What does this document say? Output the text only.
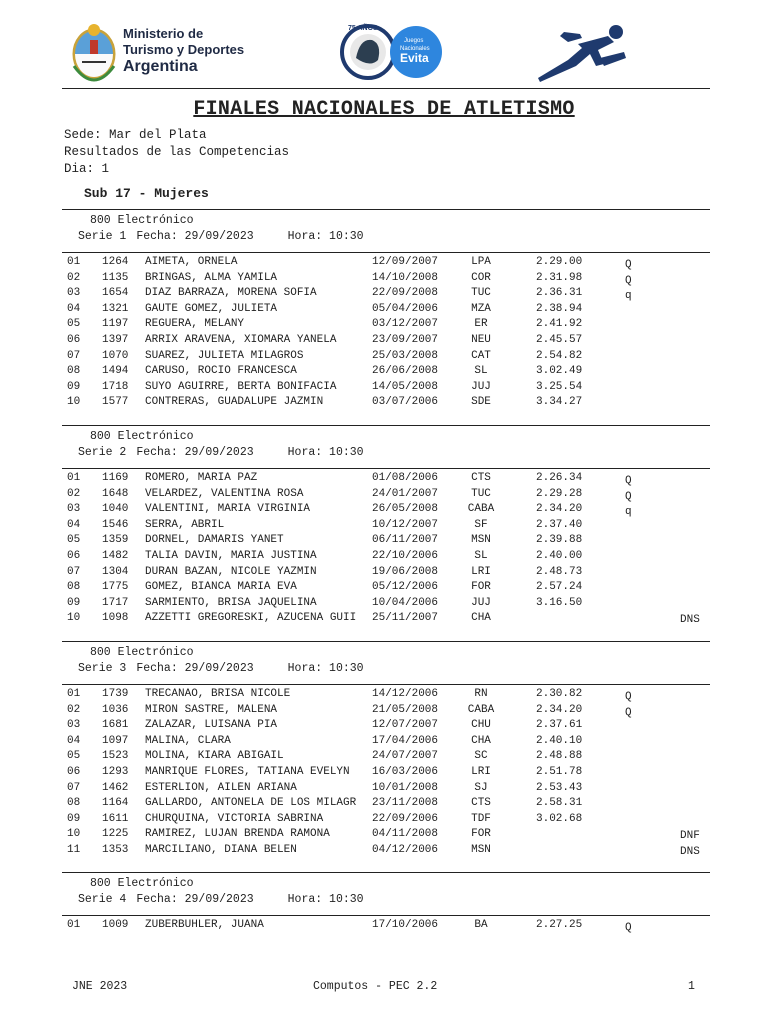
Ministerio de
Turismo y Deportes
Argentina
75 AÑOS
Juegos
Nacionales
Evita
FINALES NACIONALES DE ATLETISMO
Sede: Mar del Plata
Resultados de las Competencias
Dia: 1
Sub 17 - Mujeres
800 Electrónico
Serie 1 Fecha: 29/09/2023	Hora: 10:30
01 1264 AIMETA, ORNELA	12/09/2007	LPA	2.29.00	Q
02 1135 BRINGAS, ALMA YAMILA	14/10/2008	COR	2.31.98	Q
03 1654 DIAZ BARRAZA, MORENA SOFIA	22/09/2008	TUC	2.36.31	q
04 1321 GAUTE GOMEZ, JULIETA	05/04/2006	MZA	2.38.94
05 1197 REGUERA, MELANY	03/12/2007	ER	2.41.92
06 1397 ARRIX ARAVENA, XIOMARA YANELA	23/09/2007	NEU	2.45.57
07 1070 SUAREZ, JULIETA MILAGROS	25/03/2008	CAT	2.54.82
08 1494 CARUSO, ROCIO FRANCESCA	26/06/2008	SL	3.02.49
09 1718 SUYO AGUIRRE, BERTA BONIFACIA	14/05/2008	JUJ	3.25.54
10 1577 CONTRERAS, GUADALUPE JAZMIN	03/07/2006	SDE	3.34.27
800 Electrónico
Serie 2 Fecha: 29/09/2023	Hora: 10:30
01 1169 ROMERO, MARIA PAZ	01/08/2006	CTS	2.26.34	Q
02 1648 VELARDEZ, VALENTINA ROSA	24/01/2007	TUC	2.29.28	Q
03 1040 VALENTINI, MARIA VIRGINIA	26/05/2008	CABA	2.34.20	q
04 1546 SERRA, ABRIL	10/12/2007	SF	2.37.40
05 1359 DORNEL, DAMARIS YANET	06/11/2007	MSN	2.39.88
06 1482 TALIA DAVIN, MARIA JUSTINA	22/10/2006	SL	2.40.00
07 1304 DURAN BAZAN, NICOLE YAZMIN	19/06/2008	LRI	2.48.73
08 1775 GOMEZ, BIANCA MARIA EVA	05/12/2006	FOR	2.57.24
09 1717 SARMIENTO, BRISA JAQUELINA	10/04/2006	JUJ	3.16.50
10 1098 AZZETTI GREGORESKI, AZUCENA GUII	25/11/2007	CHA	DNS
800 Electrónico
Serie 3 Fecha: 29/09/2023	Hora: 10:30
01 1739 TRECANAO, BRISA NICOLE	14/12/2006	RN	2.30.82	Q
02 1036 MIRON SASTRE, MALENA	21/05/2008	CABA	2.34.20	Q
03 1681 ZALAZAR, LUISANA PIA	12/07/2007	CHU	2.37.61
04 1097 MALINA, CLARA	17/04/2006	CHA	2.40.10
05 1523 MOLINA, KIARA ABIGAIL	24/07/2007	SC	2.48.88
06 1293 MANRIQUE FLORES, TATIANA EVELYN	16/03/2006	LRI	2.51.78
07 1462 ESTERLION, AILÉN ARIANA	10/01/2008	SJ	2.53.43
08 1164 GALLARDO, ANTONELA DE LOS MILAGR	23/11/2008	CTS	2.58.31
09 1611 CHURQUINA, VICTORIA SABRINA	22/09/2006	TDF	3.02.68
10 1225 RAMIREZ, LUJÁN BRENDA RAMONA	04/11/2008	FOR	DNF
11 1353 MARCILIANO, DIANA BELEN	04/12/2006	MSN	DNS
800 Electrónico
Serie 4 Fecha: 29/09/2023	Hora: 10:30
01 1009 ZUBERBUHLER, JUANA	17/10/2006	BA	2.27.25	Q
JNE 2023	Computos - PEC 2.2	1
